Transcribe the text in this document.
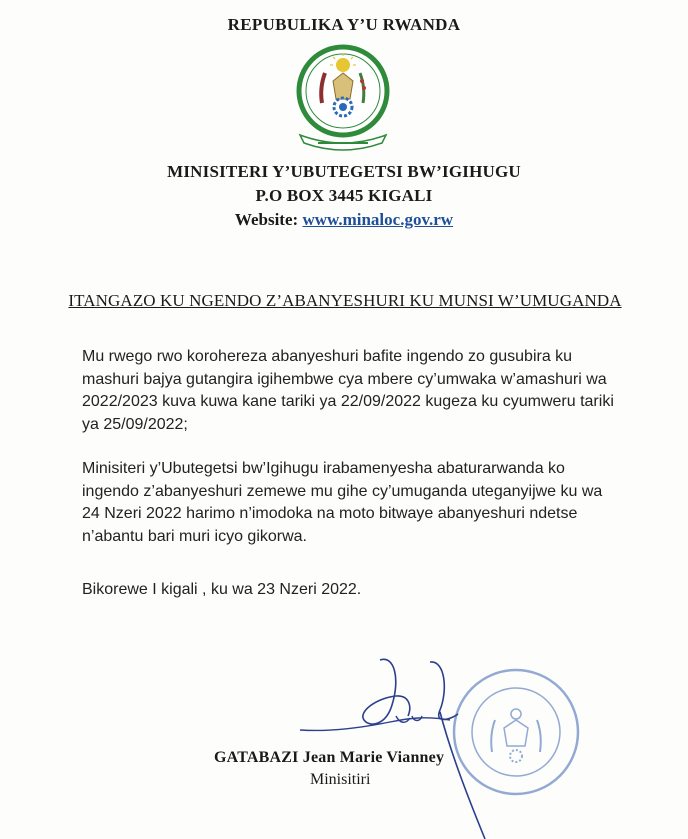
REPUBULIKA Y’U RWANDA
MINISITERI Y’UBUTEGETSI BW’IGIHUGU
P.O BOX 3445 KIGALI
Website: www.minaloc.gov.rw
ITANGAZO KU NGENDO Z’ABANYESHURI KU MUNSI W’UMUGANDA
Mu rwego rwo korohereza abanyeshuri bafite ingendo zo gusubira ku mashuri bajya gutangira igihembwe cya mbere cy’umwaka w’amashuri wa 2022/2023 kuva kuwa kane tariki ya 22/09/2022 kugeza ku cyumweru tariki ya 25/09/2022;
Minisiteri y’Ubutegetsi bw’Igihugu irabamenyesha abaturarwanda ko ingendo z’abanyeshuri zemewe mu gihe cy’umuganda uteganyijwe ku wa 24 Nzeri 2022 harimo n’imodoka na moto bitwaye abanyeshuri ndetse n’abantu bari muri icyo gikorwa.
Bikorewe I kigali , ku wa 23 Nzeri 2022.
GATABAZI Jean Marie Vianney
Minisitiri
